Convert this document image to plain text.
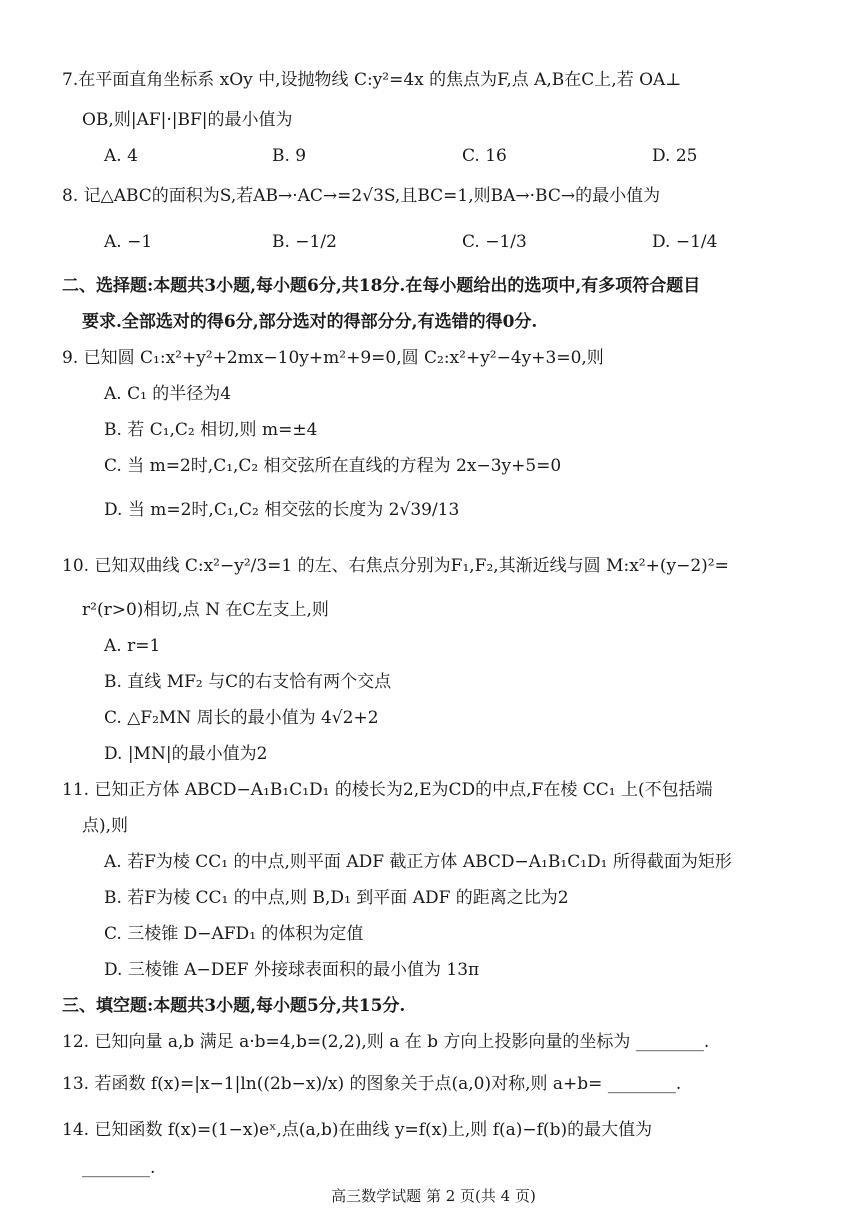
7.在平面直角坐标系 xOy 中,设抛物线 C:y²=4x 的焦点为F,点 A,B在C上,若 OA⊥
OB,则|AF|·|BF|的最小值为
A. 4	B. 9	C. 16	D. 25
8. 记△ABC的面积为S,若AB→·AC→=2√3S,且BC=1,则BA→·BC→的最小值为
A. −1	B. −1/2	C. −1/3	D. −1/4
二、选择题:本题共3小题,每小题6分,共18分.在每小题给出的选项中,有多项符合题目
要求.全部选对的得6分,部分选对的得部分分,有选错的得0分.
9. 已知圆 C₁:x²+y²+2mx−10y+m²+9=0,圆 C₂:x²+y²−4y+3=0,则
A. C₁ 的半径为4
B. 若 C₁,C₂ 相切,则 m=±4
C. 当 m=2时,C₁,C₂ 相交弦所在直线的方程为 2x−3y+5=0
D. 当 m=2时,C₁,C₂ 相交弦的长度为 2√39/13
10. 已知双曲线 C:x²−y²/3=1 的左、右焦点分别为F₁,F₂,其渐近线与圆 M:x²+(y−2)²=
r²(r>0)相切,点 N 在C左支上,则
A. r=1
B. 直线 MF₂ 与C的右支恰有两个交点
C. △F₂MN 周长的最小值为 4√2+2
D. |MN|的最小值为2
11. 已知正方体 ABCD−A₁B₁C₁D₁ 的棱长为2,E为CD的中点,F在棱 CC₁ 上(不包括端
点),则
A. 若F为棱 CC₁ 的中点,则平面 ADF 截正方体 ABCD−A₁B₁C₁D₁ 所得截面为矩形
B. 若F为棱 CC₁ 的中点,则 B,D₁ 到平面 ADF 的距离之比为2
C. 三棱锥 D−AFD₁ 的体积为定值
D. 三棱锥 A−DEF 外接球表面积的最小值为 13π
三、填空题:本题共3小题,每小题5分,共15分.
12. 已知向量 a,b 满足 a·b=4,b=(2,2),则 a 在 b 方向上投影向量的坐标为 ________.
13. 若函数 f(x)=|x−1|ln((2b−x)/x) 的图象关于点(a,0)对称,则 a+b= ________.
14. 已知函数 f(x)=(1−x)eˣ,点(a,b)在曲线 y=f(x)上,则 f(a)−f(b)的最大值为
________.
高三数学试题 第 2 页(共 4 页)
